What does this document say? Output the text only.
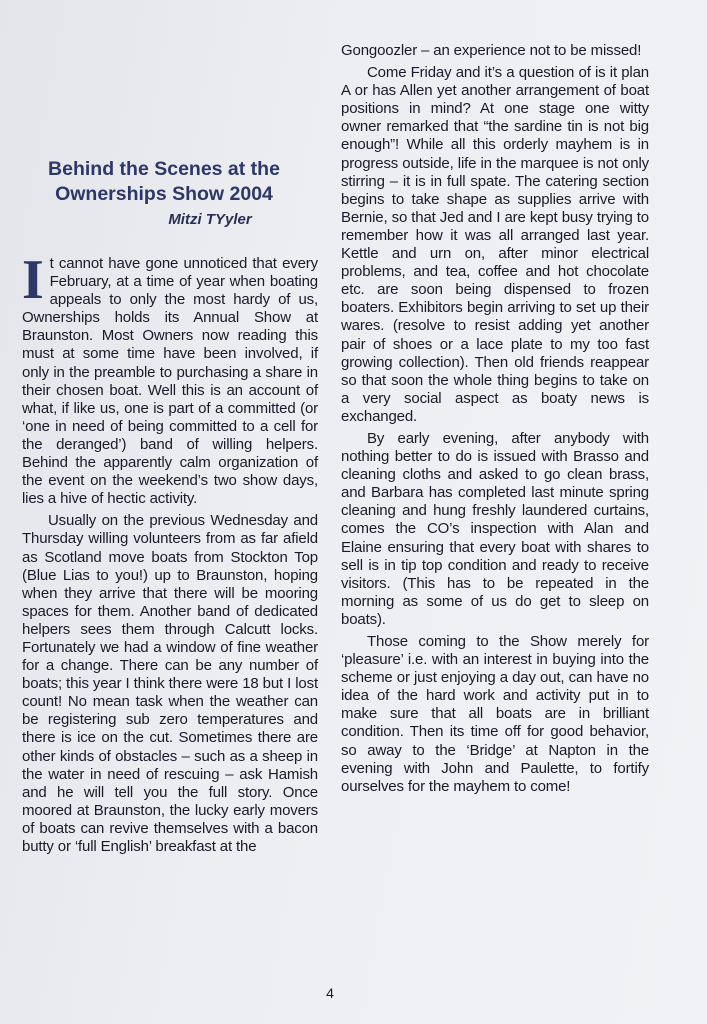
Behind the Scenes at the Ownerships Show 2004
Mitzi TYyler

It cannot have gone unnoticed that every February, at a time of year when boating appeals to only the most hardy of us, Ownerships holds its Annual Show at Braunston. Most Owners now reading this must at some time have been involved, if only in the preamble to purchasing a share in their chosen boat. Well this is an account of what, if like us, one is part of a committed (or ‘one in need of being committed to a cell for the deranged’) band of willing helpers. Behind the apparently calm organization of the event on the weekend’s two show days, lies a hive of hectic activity.

Usually on the previous Wednesday and Thursday willing volunteers from as far afield as Scotland move boats from Stockton Top (Blue Lias to you!) up to Braunston, hoping when they arrive that there will be mooring spaces for them. Another band of dedicated helpers sees them through Calcutt locks. Fortunately we had a window of fine weather for a change. There can be any number of boats; this year I think there were 18 but I lost count! No mean task when the weather can be registering sub zero temperatures and there is ice on the cut. Sometimes there are other kinds of obstacles – such as a sheep in the water in need of rescuing – ask Hamish and he will tell you the full story. Once moored at Braunston, the lucky early movers of boats can revive themselves with a bacon butty or ‘full English’ breakfast at the

Gongoozler – an experience not to be missed!

Come Friday and it’s a question of is it plan A or has Allen yet another arrangement of boat positions in mind? At one stage one witty owner remarked that “the sardine tin is not big enough”! While all this orderly mayhem is in progress outside, life in the marquee is not only stirring – it is in full spate. The catering section begins to take shape as supplies arrive with Bernie, so that Jed and I are kept busy trying to remember how it was all arranged last year. Kettle and urn on, after minor electrical problems, and tea, coffee and hot chocolate etc. are soon being dispensed to frozen boaters. Exhibitors begin arriving to set up their wares. (resolve to resist adding yet another pair of shoes or a lace plate to my too fast growing collection). Then old friends reappear so that soon the whole thing begins to take on a very social aspect as boaty news is exchanged.

By early evening, after anybody with nothing better to do is issued with Brasso and cleaning cloths and asked to go clean brass, and Barbara has completed last minute spring cleaning and hung freshly laundered curtains, comes the CO’s inspection with Alan and Elaine ensuring that every boat with shares to sell is in tip top condition and ready to receive visitors. (This has to be repeated in the morning as some of us do get to sleep on boats).

Those coming to the Show merely for ‘pleasure’ i.e. with an interest in buying into the scheme or just enjoying a day out, can have no idea of the hard work and activity put in to make sure that all boats are in brilliant condition. Then its time off for good behavior, so away to the ‘Bridge’ at Napton in the evening with John and Paulette, to fortify ourselves for the mayhem to come!

4
